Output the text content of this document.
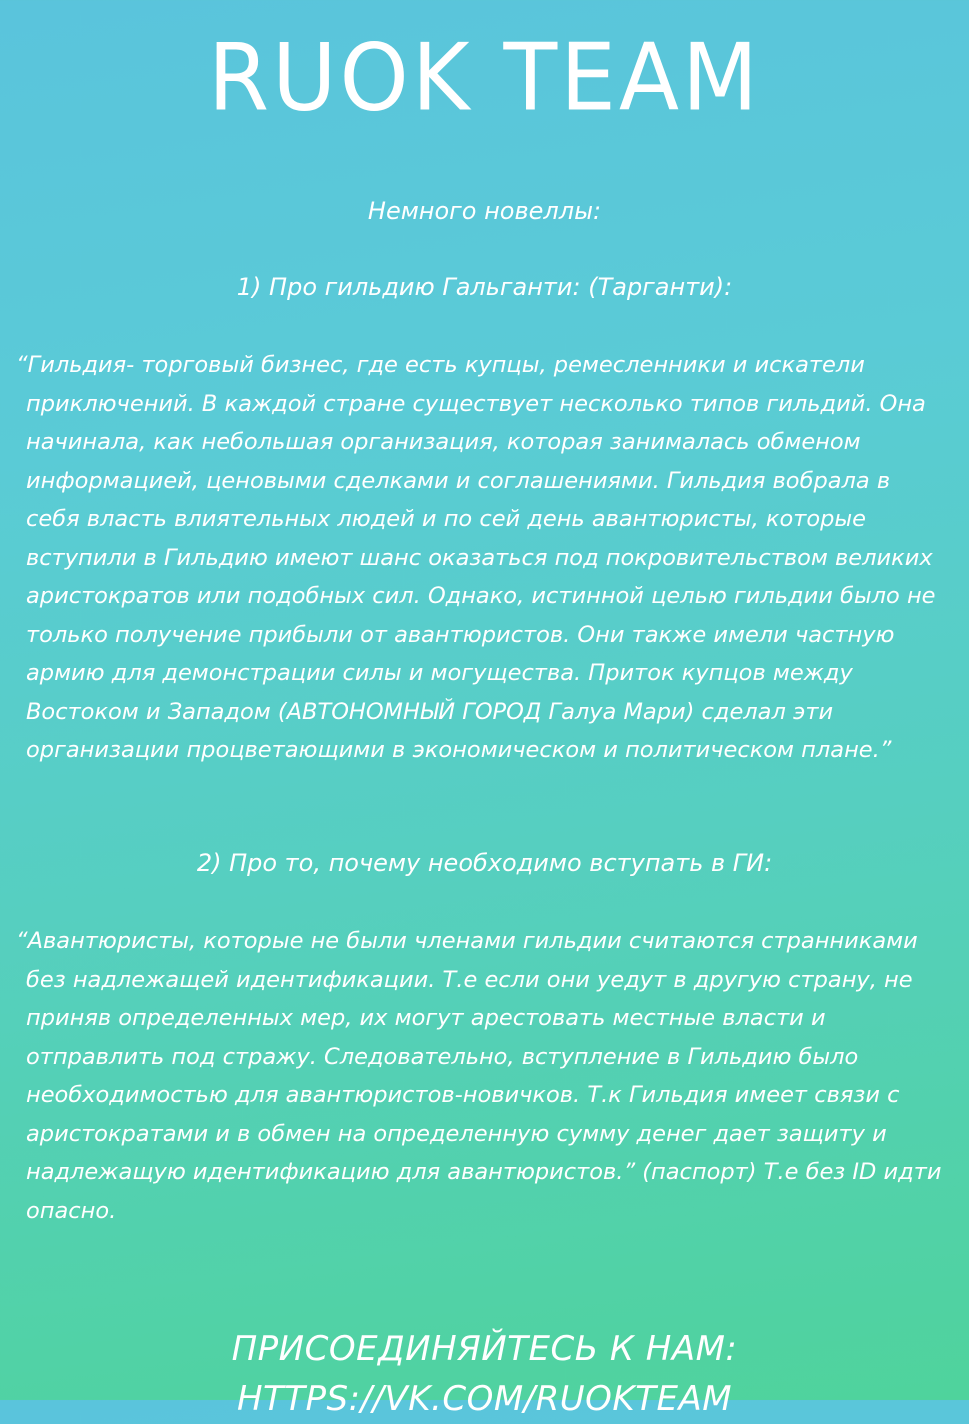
RUOK TEAM
Немного новеллы:
1) Про гильдию Гальганти: (Тарганти):
“Гильдия- торговый бизнес, где есть купцы, ремесленники и искатели приключений. В каждой стране существует несколько типов гильдий. Она начинала, как небольшая организация, которая занималась обменом информацией, ценовыми сделками и соглашениями. Гильдия вобрала в себя власть влиятельных людей и по сей день авантюристы, которые вступили в Гильдию имеют шанс оказаться под покровительством великих аристократов или подобных сил. Однако, истинной целью гильдии было не только получение прибыли от авантюристов. Они также имели частную армию для демонстрации силы и могущества. Приток купцов между Востоком и Западом (АВТОНОМНЫЙ ГОРОД Галуа Мари) сделал эти организации процветающими в экономическом и политическом плане.”
2) Про то, почему необходимо вступать в ГИ:
“Авантюристы, которые не были членами гильдии считаются странниками без надлежащей идентификации. Т.е если они уедут в другую страну, не приняв определенных мер, их могут арестовать местные власти и отправлить под стражу. Следовательно, вступление в Гильдию было необходимостью для авантюристов-новичков. Т.к Гильдия имеет связи с аристократами и в обмен на определенную сумму денег дает защиту и надлежащую идентификацию для авантюристов.” (паспорт) Т.е без ID идти опасно.
ПРИСОЕДИНЯЙТЕСЬ К НАМ: HTTPS://VK.COM/RUOKTEAM
